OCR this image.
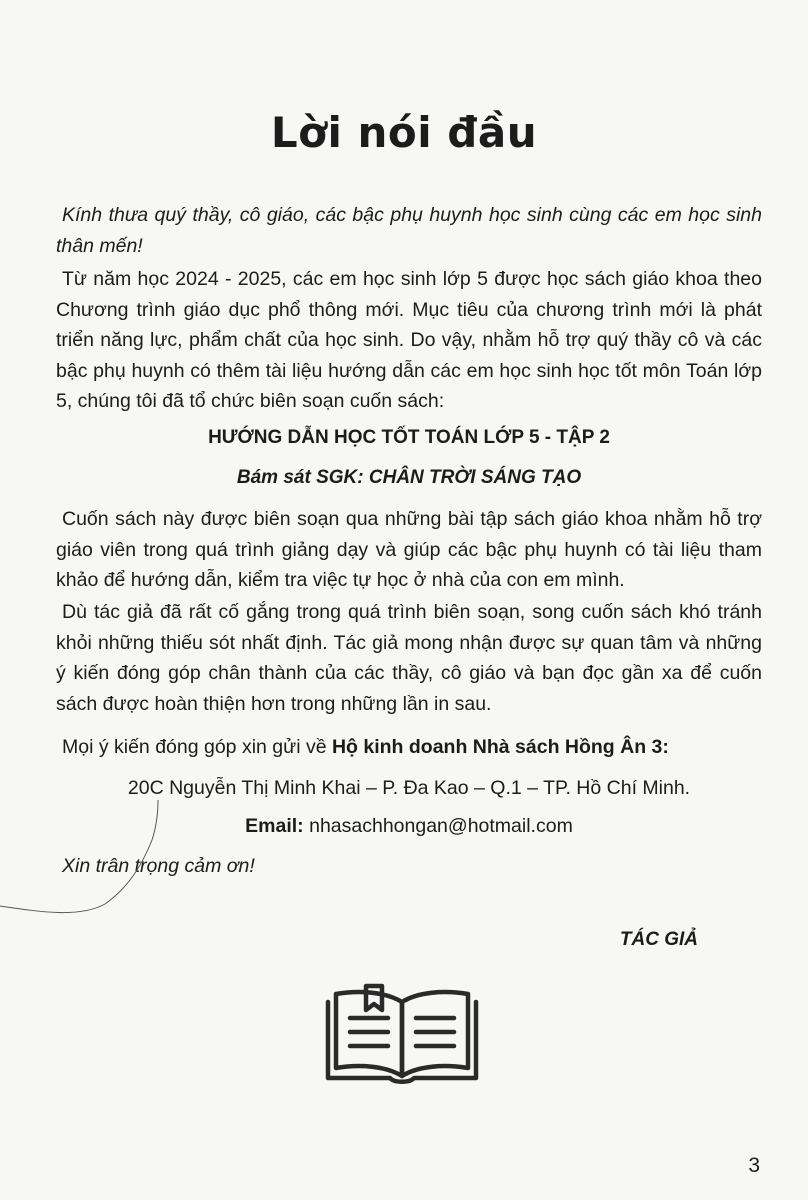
Lời nói đầu
Kính thưa quý thầy, cô giáo, các bậc phụ huynh học sinh cùng các em học sinh thân mến!
Từ năm học 2024 - 2025, các em học sinh lớp 5 được học sách giáo khoa theo Chương trình giáo dục phổ thông mới. Mục tiêu của chương trình mới là phát triển năng lực, phẩm chất của học sinh. Do vậy, nhằm hỗ trợ quý thầy cô và các bậc phụ huynh có thêm tài liệu hướng dẫn các em học sinh học tốt môn Toán lớp 5, chúng tôi đã tổ chức biên soạn cuốn sách:
HƯỚNG DẪN HỌC TỐT TOÁN LỚP 5 - TẬP 2
Bám sát SGK: CHÂN TRỜI SÁNG TẠO
Cuốn sách này được biên soạn qua những bài tập sách giáo khoa nhằm hỗ trợ giáo viên trong quá trình giảng dạy và giúp các bậc phụ huynh có tài liệu tham khảo để hướng dẫn, kiểm tra việc tự học ở nhà của con em mình.
Dù tác giả đã rất cố gắng trong quá trình biên soạn, song cuốn sách khó tránh khỏi những thiếu sót nhất định. Tác giả mong nhận được sự quan tâm và những ý kiến đóng góp chân thành của các thầy, cô giáo và bạn đọc gần xa để cuốn sách được hoàn thiện hơn trong những lần in sau.
Mọi ý kiến đóng góp xin gửi về Hộ kinh doanh Nhà sách Hồng Ân 3:
20C Nguyễn Thị Minh Khai – P. Đa Kao – Q.1 – TP. Hồ Chí Minh.
Email: nhasachhongan@hotmail.com
Xin trân trọng cảm ơn!
TÁC GIẢ
3
